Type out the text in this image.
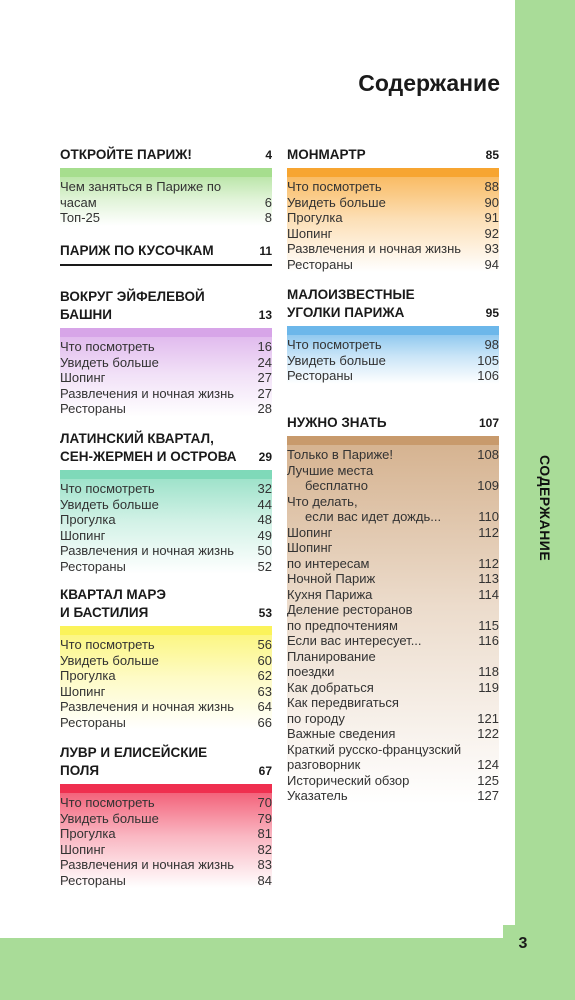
СОДЕРЖАНИЕ
3
Содержание
ОТКРОЙТЕ ПАРИЖ!	4
Чем заняться в Париже по часам	6
Топ-25	8
ПАРИЖ ПО КУСОЧКАМ	11
ВОКРУГ ЭЙФЕЛЕВОЙ БАШНИ	13
Что посмотреть	16
Увидеть больше	24
Шопинг	27
Развлечения и ночная жизнь 27
Рестораны	28
ЛАТИНСКИЙ КВАРТАЛ, СЕН-ЖЕРМЕН И ОСТРОВА	29
Что посмотреть	32
Увидеть больше	44
Прогулка	48
Шопинг	49
Развлечения и ночная жизнь 50
Рестораны	52
КВАРТАЛ МАРЭ И БАСТИЛИЯ	53
Что посмотреть	56
Увидеть больше	60
Прогулка	62
Шопинг	63
Развлечения и ночная жизнь 64
Рестораны	66
ЛУВР И ЕЛИСЕЙСКИЕ ПОЛЯ	67
Что посмотреть	70
Увидеть больше	79
Прогулка	81
Шопинг	82
Развлечения и ночная жизнь 83
Рестораны	84
МОНМАРТР	85
Что посмотреть	88
Увидеть больше	90
Прогулка	91
Шопинг	92
Развлечения и ночная жизнь 93
Рестораны	94
МАЛОИЗВЕСТНЫЕ УГОЛКИ ПАРИЖА	95
Что посмотреть	98
Увидеть больше	105
Рестораны	106
НУЖНО ЗНАТЬ	107
Только в Париже!	108
Лучшие места
бесплатно	109
Что делать,
если вас идет дождь...	110
Шопинг	112
Шопинг
по интересам	112
Ночной Париж	113
Кухня Парижа	114
Деление ресторанов
по предпочтениям	115
Если вас интересует...	116
Планирование
поездки	118
Как добраться	119
Как передвигаться
по городу	121
Важные сведения	122
Краткий русско-французский
разговорник	124
Исторический обзор	125
Указатель	127
